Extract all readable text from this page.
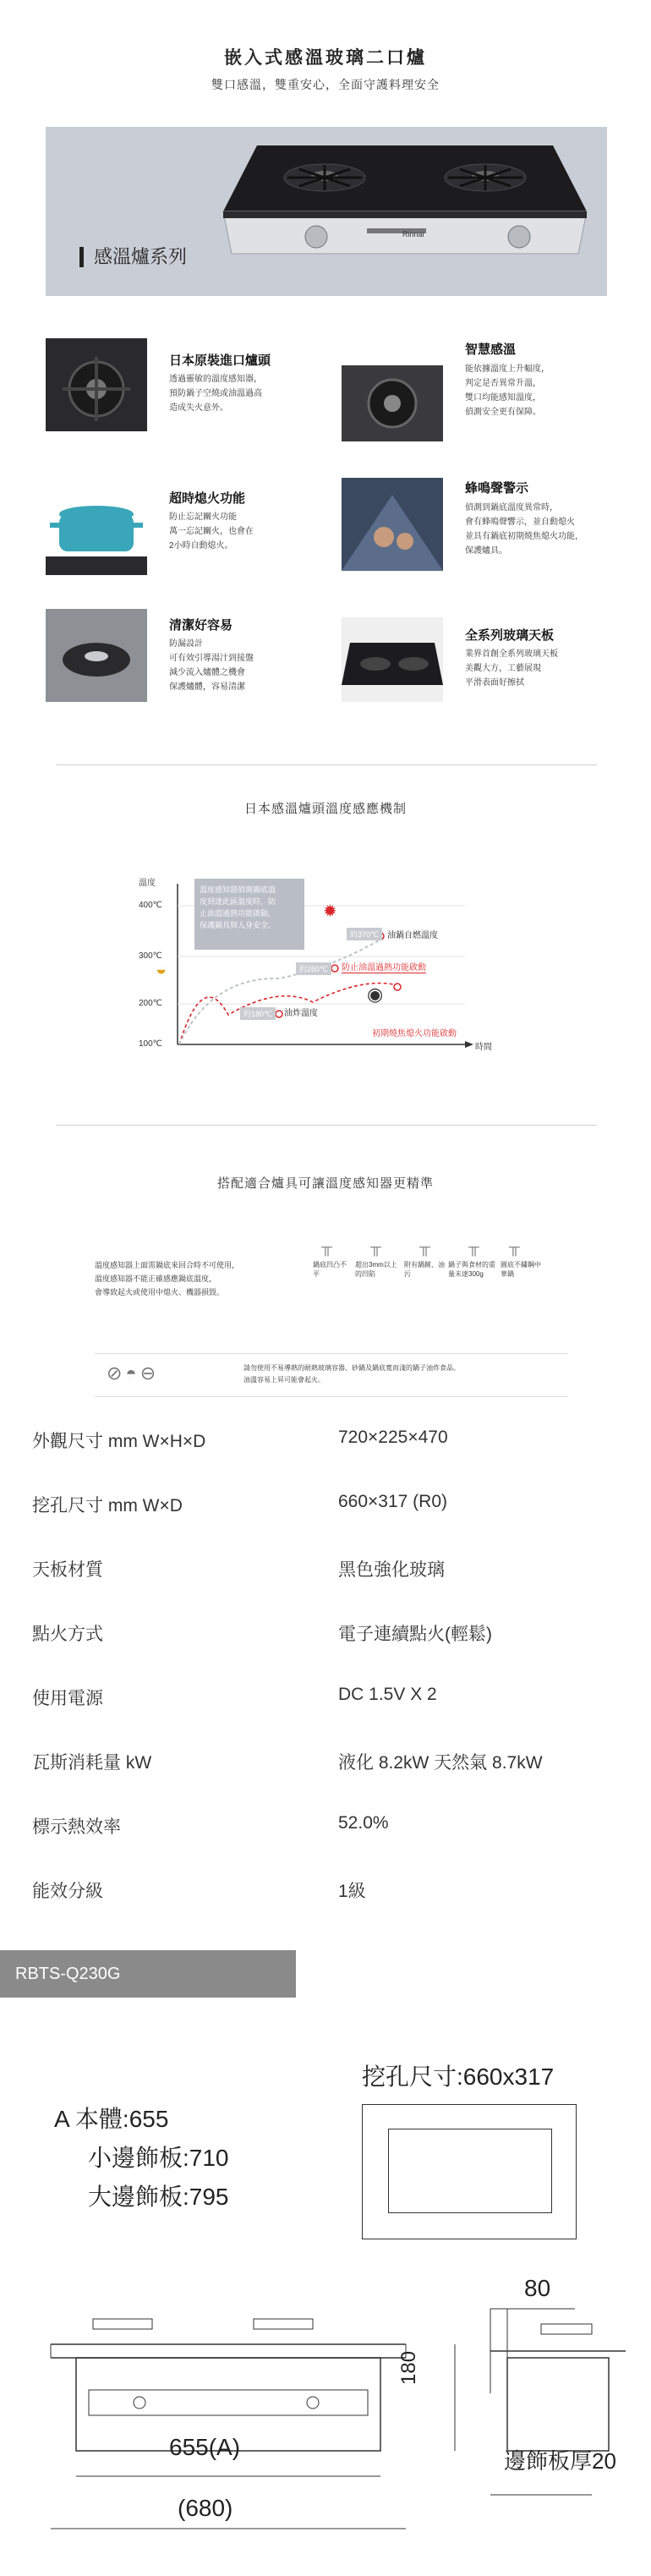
嵌入式感溫玻璃二口爐
雙口感溫，雙重安心，全面守護料理安全
Rinnai
感溫爐系列
日本原裝進口爐頭
透過靈敏的溫度感知器，
預防鍋子空燒或油溫過高
造成失火意外。
智慧感溫
能依據溫度上升幅度，
判定是否異常升溫，
雙口均能感知溫度，
偵測安全更有保障。
超時熄火功能
防止忘記關火功能
萬一忘記關火，也會在
2小時自動熄火。
蜂鳴聲警示
偵測到鍋底溫度異常時，
會有蜂鳴聲響示，並自動熄火
並具有鍋底初期燒焦熄火功能，
保護爐具。
清潔好容易
防漏設計
可有效引導湯汁到接盤
減少流入爐體之機會
保護爐體，容易清潔
全系列玻璃天板
業界首創全系列玻璃天板
美觀大方，工藝展現
平滑表面好擦拭
日本感溫爐頭溫度感應機制
溫度
400℃
300℃
200℃
100℃	時間
溫度感知器偵測鍋底溫
度到達此區溫度時，防
止油溫過熱功能啟動，
保護鍋具與人身安全。
✹
約370℃ 油鍋自燃溫度
約260℃	防止油溫過熱功能啟動
◒
約180℃	油炸溫度
◉
初期燒焦熄火功能啟動
搭配適合爐具可讓溫度感知器更精準
溫度感知器上面需鍋底來回合時不可使用，
溫度感知器不能正確感應鍋底溫度，
會導致起火或使用中熄火、機器損毀。
╥	╥	╥	╥ ╥
鍋底凹凸不平
超出3mm以上的凹陷
附有鍋鏟、油污
鍋子與食材的重量未達300g
圓底不鏽鋼中華鍋
⊘◓⊖	請勿使用不易導熱的耐熱玻璃容器、砂鍋及鍋底寬而淺的鍋子油炸食品。
油溫容易上昇可能會起火。
外觀尺寸 mm W×H×D	720×225×470
挖孔尺寸 mm W×D	660×317 (R0)
天板材質	黑色強化玻璃
點火方式	電子連續點火(輕鬆)
使用電源	DC 1.5V X 2
瓦斯消耗量 kW	液化 8.2kW 天然氣 8.7kW
標示熱效率	52.0%
能效分級	1級
RBTS-Q230G
A 本體:655
小邊飾板:710
大邊飾板:795
挖孔尺寸:660x317
655(A)
(680)
180
80
邊飾板厚20
